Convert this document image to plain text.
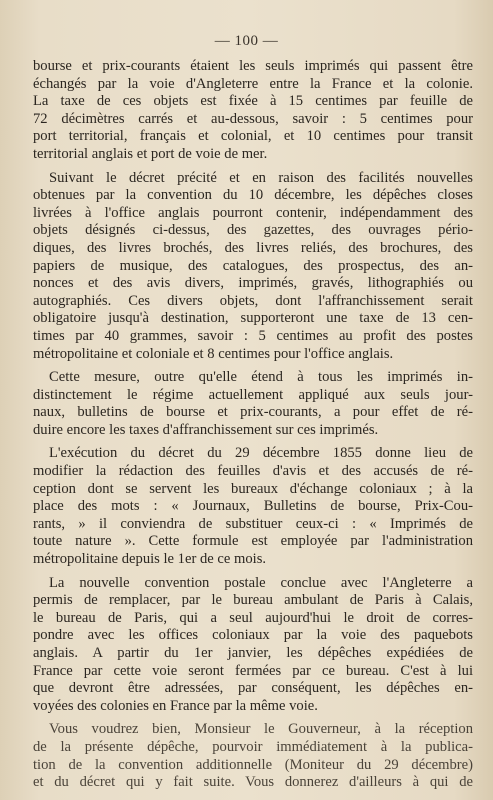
— 100 —
bourse et prix-courants étaient les seuls imprimés qui passent être
échangés par la voie d'Angleterre entre la France et la colonie.
La taxe de ces objets est fixée à 15 centimes par feuille de
72 décimètres carrés et au-dessous, savoir : 5 centimes pour
port territorial, français et colonial, et 10 centimes pour transit
territorial anglais et port de voie de mer.
Suivant le décret précité et en raison des facilités nouvelles
obtenues par la convention du 10 décembre, les dépêches closes
livrées à l'office anglais pourront contenir, indépendamment des
objets désignés ci-dessus, des gazettes, des ouvrages pério-
diques, des livres brochés, des livres reliés, des brochures, des
papiers de musique, des catalogues, des prospectus, des an-
nonces et des avis divers, imprimés, gravés, lithographiés ou
autographiés. Ces divers objets, dont l'affranchissement serait
obligatoire jusqu'à destination, supporteront une taxe de 13 cen-
times par 40 grammes, savoir : 5 centimes au profit des postes
métropolitaine et coloniale et 8 centimes pour l'office anglais.
Cette mesure, outre qu'elle étend à tous les imprimés in-
distinctement le régime actuellement appliqué aux seuls jour-
naux, bulletins de bourse et prix-courants, a pour effet de ré-
duire encore les taxes d'affranchissement sur ces imprimés.
L'exécution du décret du 29 décembre 1855 donne lieu de
modifier la rédaction des feuilles d'avis et des accusés de ré-
ception dont se servent les bureaux d'échange coloniaux ; à la
place des mots : « Journaux, Bulletins de bourse, Prix-Cou-
rants, » il conviendra de substituer ceux-ci : « Imprimés de
toute nature ». Cette formule est employée par l'administration
métropolitaine depuis le 1er de ce mois.
La nouvelle convention postale conclue avec l'Angleterre a
permis de remplacer, par le bureau ambulant de Paris à Calais,
le bureau de Paris, qui a seul aujourd'hui le droit de corres-
pondre avec les offices coloniaux par la voie des paquebots
anglais. A partir du 1er janvier, les dépêches expédiées de
France par cette voie seront fermées par ce bureau. C'est à lui
que devront être adressées, par conséquent, les dépêches en-
voyées des colonies en France par la même voie.
Vous voudrez bien, Monsieur le Gouverneur, à la réception
de la présente dépêche, pourvoir immédiatement à la publica-
tion de la convention additionnelle (Moniteur du 29 décembre)
et du décret qui y fait suite. Vous donnerez d'ailleurs à qui de
